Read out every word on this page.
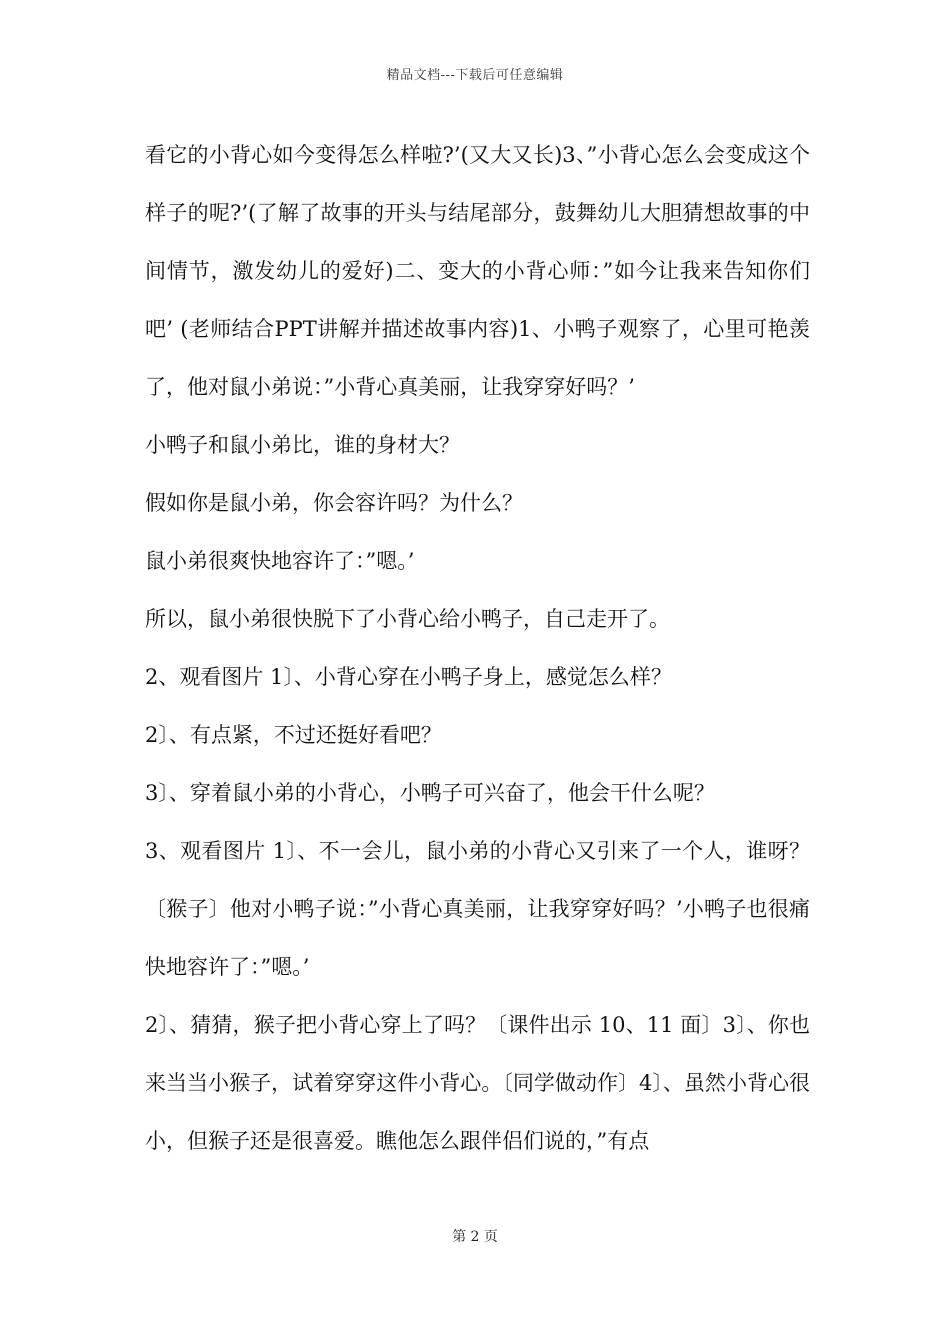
精品文档---下载后可任意编辑

看它的小背心如今变得怎么样啦?’(又大又长)3、”小背心怎么会变成这个样子的呢?’(了解了故事的开头与结尾部分，鼓舞幼儿大胆猜想故事的中间情节，激发幼儿的爱好)二、变大的小背心师：”如今让我来告知你们吧’ (老师结合PPT讲解并描述故事内容)1、小鸭子观察了，心里可艳羡了，他对鼠小弟说：”小背心真美丽，让我穿穿好吗？’

小鸭子和鼠小弟比，谁的身材大？

假如你是鼠小弟，你会容许吗？为什么？

鼠小弟很爽快地容许了：”嗯。’

所以，鼠小弟很快脱下了小背心给小鸭子，自己走开了。

2、观看图片 1〕、小背心穿在小鸭子身上，感觉怎么样？

2〕、有点紧，不过还挺好看吧？

3〕、穿着鼠小弟的小背心，小鸭子可兴奋了，他会干什么呢？

3、观看图片 1〕、不一会儿，鼠小弟的小背心又引来了一个人，谁呀？〔猴子〕他对小鸭子说：”小背心真美丽，让我穿穿好吗？’小鸭子也很痛快地容许了：”嗯。’

2〕、猜猜，猴子把小背心穿上了吗？〔课件出示 10、11 面〕3〕、你也来当当小猴子，试着穿穿这件小背心。〔同学做动作〕4〕、虽然小背心很小，但猴子还是很喜爱。瞧他怎么跟伴侣们说的，”有点

第 2 页
